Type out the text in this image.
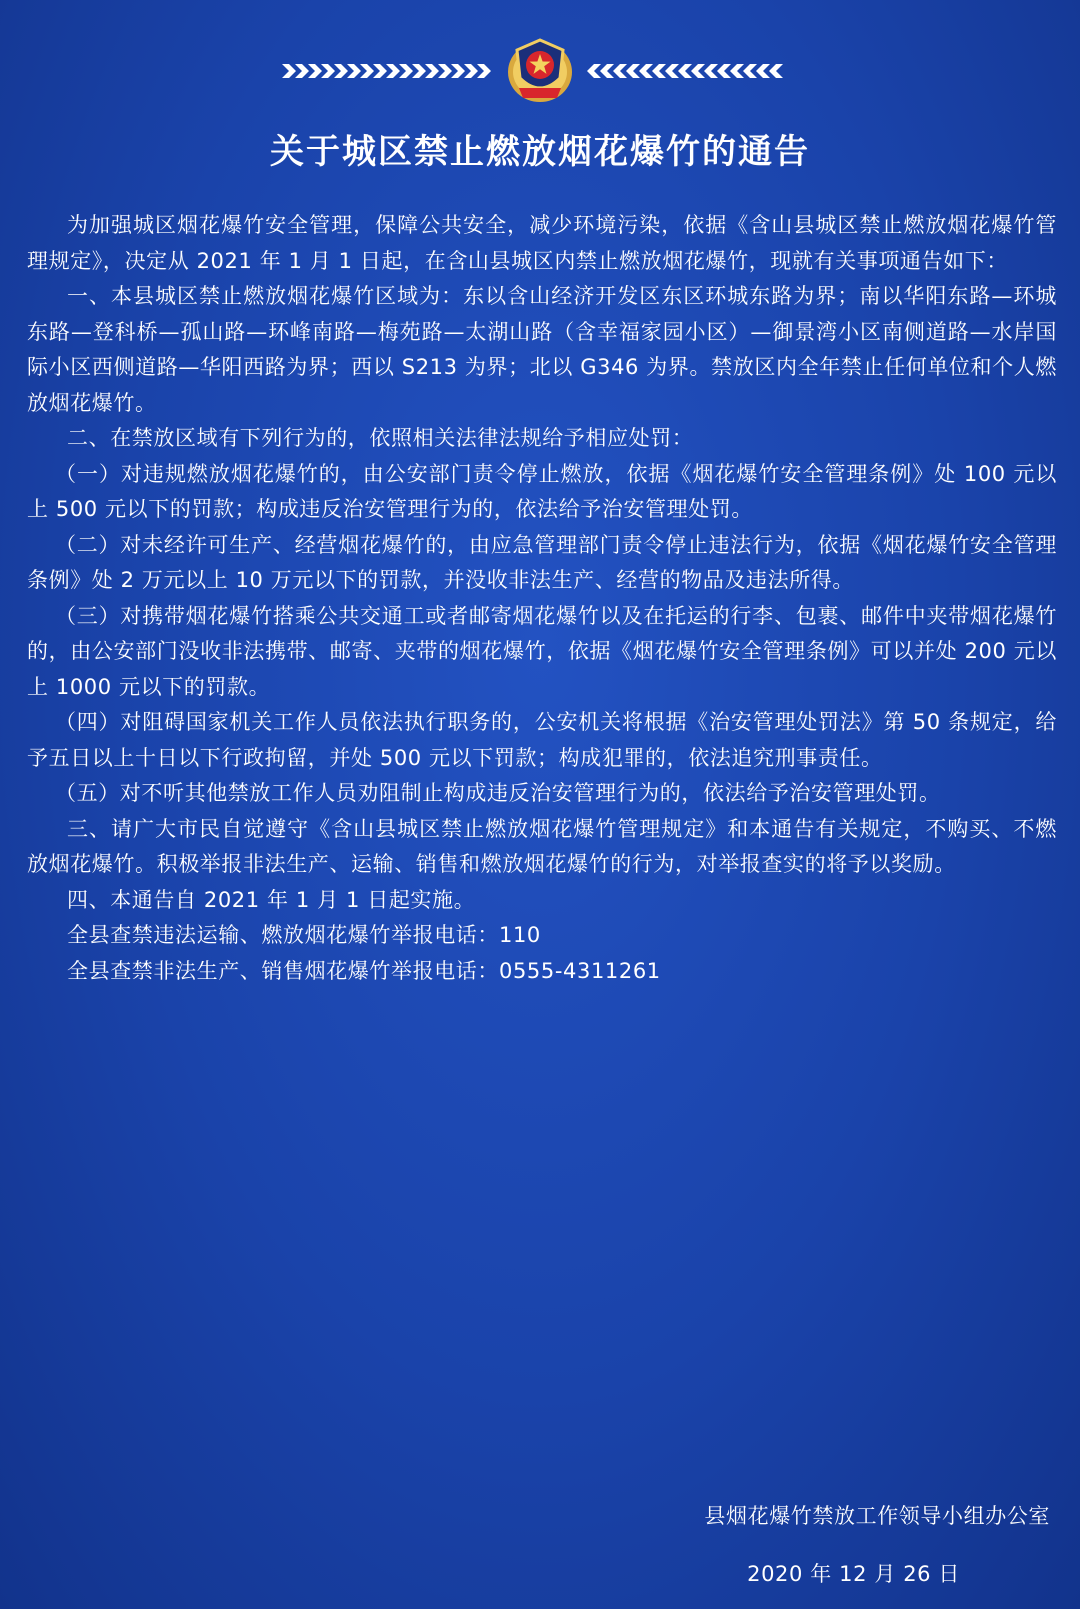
关于城区禁止燃放烟花爆竹的通告

为加强城区烟花爆竹安全管理，保障公共安全，减少环境污染，依据《含山县城区禁止燃放烟花爆竹管理规定》，决定从 2021 年 1 月 1 日起，在含山县城区内禁止燃放烟花爆竹，现就有关事项通告如下：

一、本县城区禁止燃放烟花爆竹区域为：东以含山经济开发区东区环城东路为界；南以华阳东路—环城东路—登科桥—孤山路—环峰南路—梅苑路—太湖山路（含幸福家园小区）—御景湾小区南侧道路—水岸国际小区西侧道路—华阳西路为界；西以 S213 为界；北以 G346 为界。禁放区内全年禁止任何单位和个人燃放烟花爆竹。

二、在禁放区域有下列行为的，依照相关法律法规给予相应处罚：

（一）对违规燃放烟花爆竹的，由公安部门责令停止燃放，依据《烟花爆竹安全管理条例》处 100 元以上 500 元以下的罚款；构成违反治安管理行为的，依法给予治安管理处罚。

（二）对未经许可生产、经营烟花爆竹的，由应急管理部门责令停止违法行为，依据《烟花爆竹安全管理条例》处 2 万元以上 10 万元以下的罚款，并没收非法生产、经营的物品及违法所得。

（三）对携带烟花爆竹搭乘公共交通工或者邮寄烟花爆竹以及在托运的行李、包裹、邮件中夹带烟花爆竹的，由公安部门没收非法携带、邮寄、夹带的烟花爆竹，依据《烟花爆竹安全管理条例》可以并处 200 元以上 1000 元以下的罚款。

（四）对阻碍国家机关工作人员依法执行职务的，公安机关将根据《治安管理处罚法》第 50 条规定，给予五日以上十日以下行政拘留，并处 500 元以下罚款；构成犯罪的，依法追究刑事责任。

（五）对不听其他禁放工作人员劝阻制止构成违反治安管理行为的，依法给予治安管理处罚。

三、请广大市民自觉遵守《含山县城区禁止燃放烟花爆竹管理规定》和本通告有关规定，不购买、不燃放烟花爆竹。积极举报非法生产、运输、销售和燃放烟花爆竹的行为，对举报查实的将予以奖励。

四、本通告自 2021 年 1 月 1 日起实施。

全县查禁违法运输、燃放烟花爆竹举报电话：110

全县查禁非法生产、销售烟花爆竹举报电话：0555-4311261

县烟花爆竹禁放工作领导小组办公室
2020 年 12 月 26 日
